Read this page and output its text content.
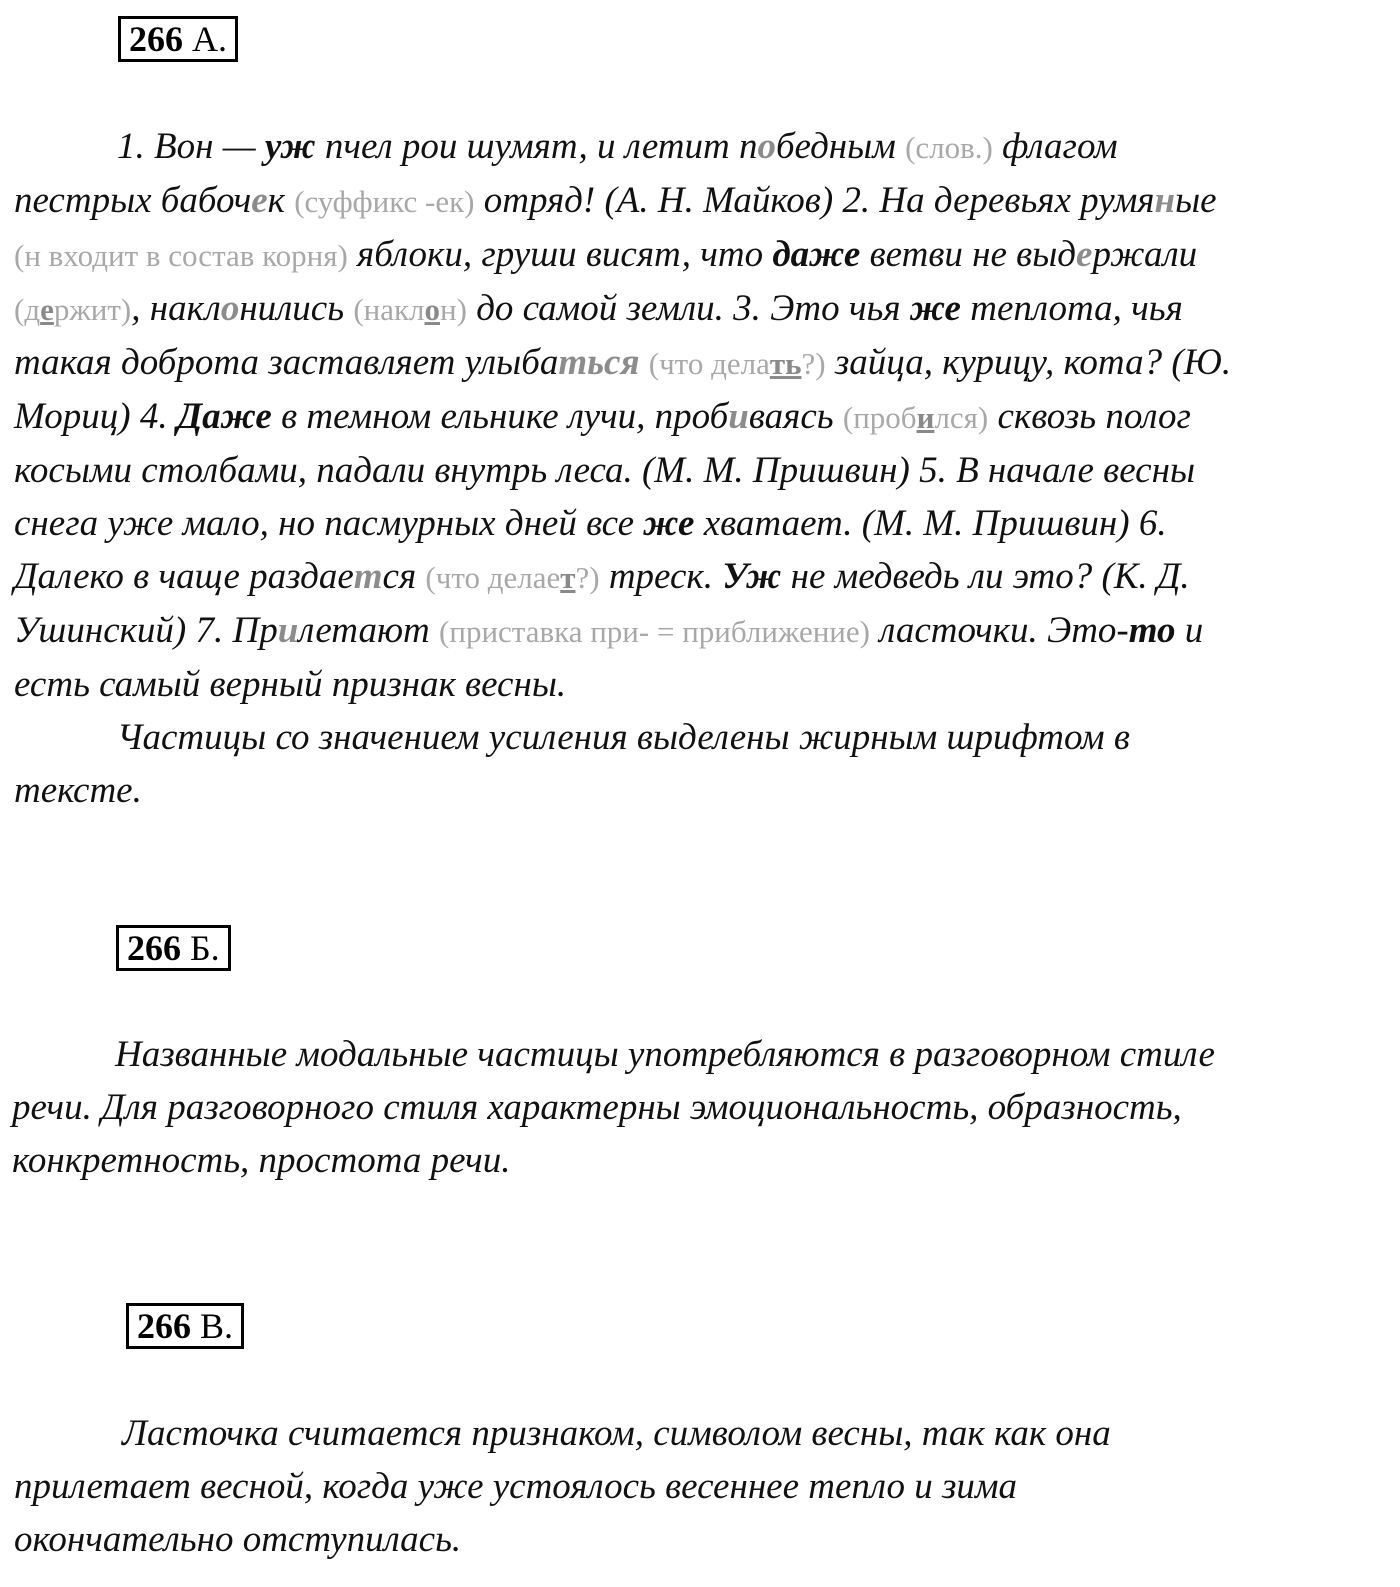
266 А.
1. Вон — уж пчел рои шумят, и летит победным (слов.) флагом
пестрых бабочек (суффикс -ек) отряд! (А. Н. Майков) 2. На деревьях румяные
(н входит в состав корня) яблоки, груши висят, что даже ветви не выдержали
(держит), наклонились (наклон) до самой земли. 3. Это чья же теплота, чья
такая доброта заставляет улыбаться (что делать?) зайца, курицу, кота? (Ю.
Мориц) 4. Даже в темном ельнике лучи, пробиваясь (пробился) сквозь полог
косыми столбами, падали внутрь леса. (М. М. Пришвин) 5. В начале весны
снега уже мало, но пасмурных дней все же хватает. (М. М. Пришвин) 6.
Далеко в чаще раздается (что делает?) треск. Уж не медведь ли это? (К. Д.
Ушинский) 7. Прилетают (приставка при- = приближение) ласточки. Это-то и
есть самый верный признак весны.
Частицы со значением усиления выделены жирным шрифтом в
тексте.
266 Б.
Названные модальные частицы употребляются в разговорном стиле
речи. Для разговорного стиля характерны эмоциональность, образность,
конкретность, простота речи.
266 В.
Ласточка считается признаком, символом весны, так как она
прилетает весной, когда уже устоялось весеннее тепло и зима
окончательно отступилась.
